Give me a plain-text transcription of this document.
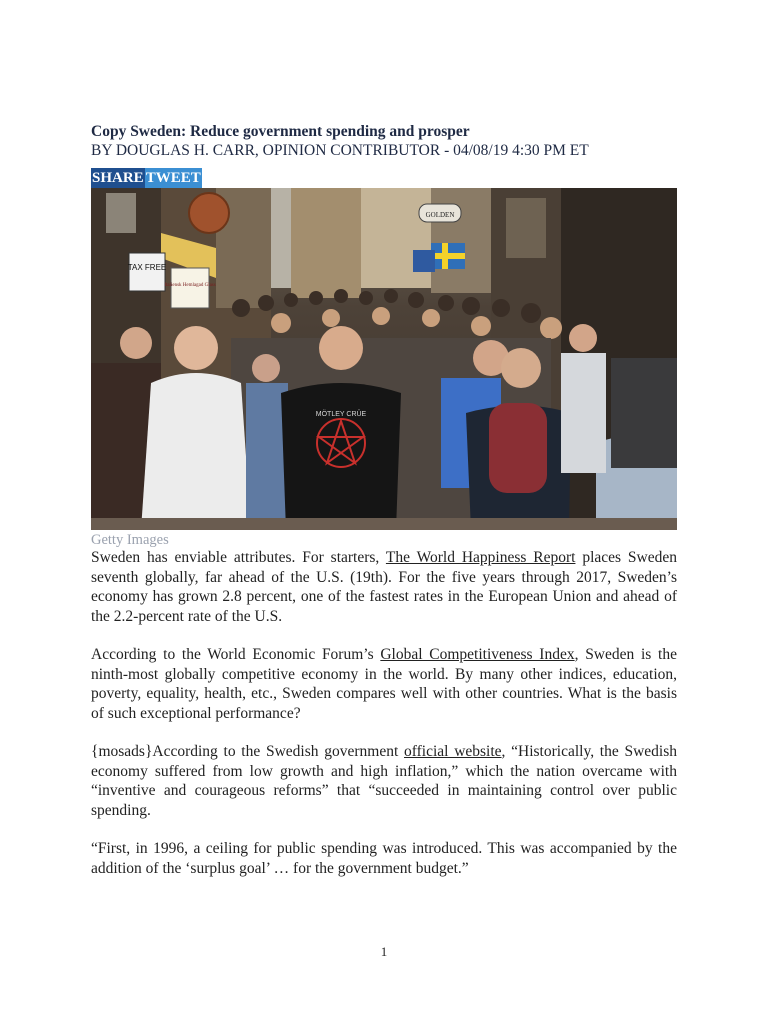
Copy Sweden: Reduce government spending and prosper

BY DOUGLAS H. CARR, OPINION CONTRIBUTOR - 04/08/19 4:30 PM ET

SHARE TWEET
TAX FREE
Italiensk Hemlagad Glass
GOLDEN
MÖTLEY CRÜE

Getty Images

Sweden has enviable attributes. For starters, The World Happiness Report places Sweden seventh globally, far ahead of the U.S. (19th). For the five years through 2017, Sweden’s economy has grown 2.8 percent, one of the fastest rates in the European Union and ahead of the 2.2-percent rate of the U.S.

According to the World Economic Forum’s Global Competitiveness Index, Sweden is the ninth-most globally competitive economy in the world. By many other indices, education, poverty, equality, health, etc., Sweden compares well with other countries. What is the basis of such exceptional performance?

{mosads}According to the Swedish government official website, “Historically, the Swedish economy suffered from low growth and high inflation,” which the nation overcame with “inventive and courageous reforms” that “succeeded in maintaining control over public spending.

“First, in 1996, a ceiling for public spending was introduced. This was accompanied by the addition of the ‘surplus goal’ … for the government budget.”

1
